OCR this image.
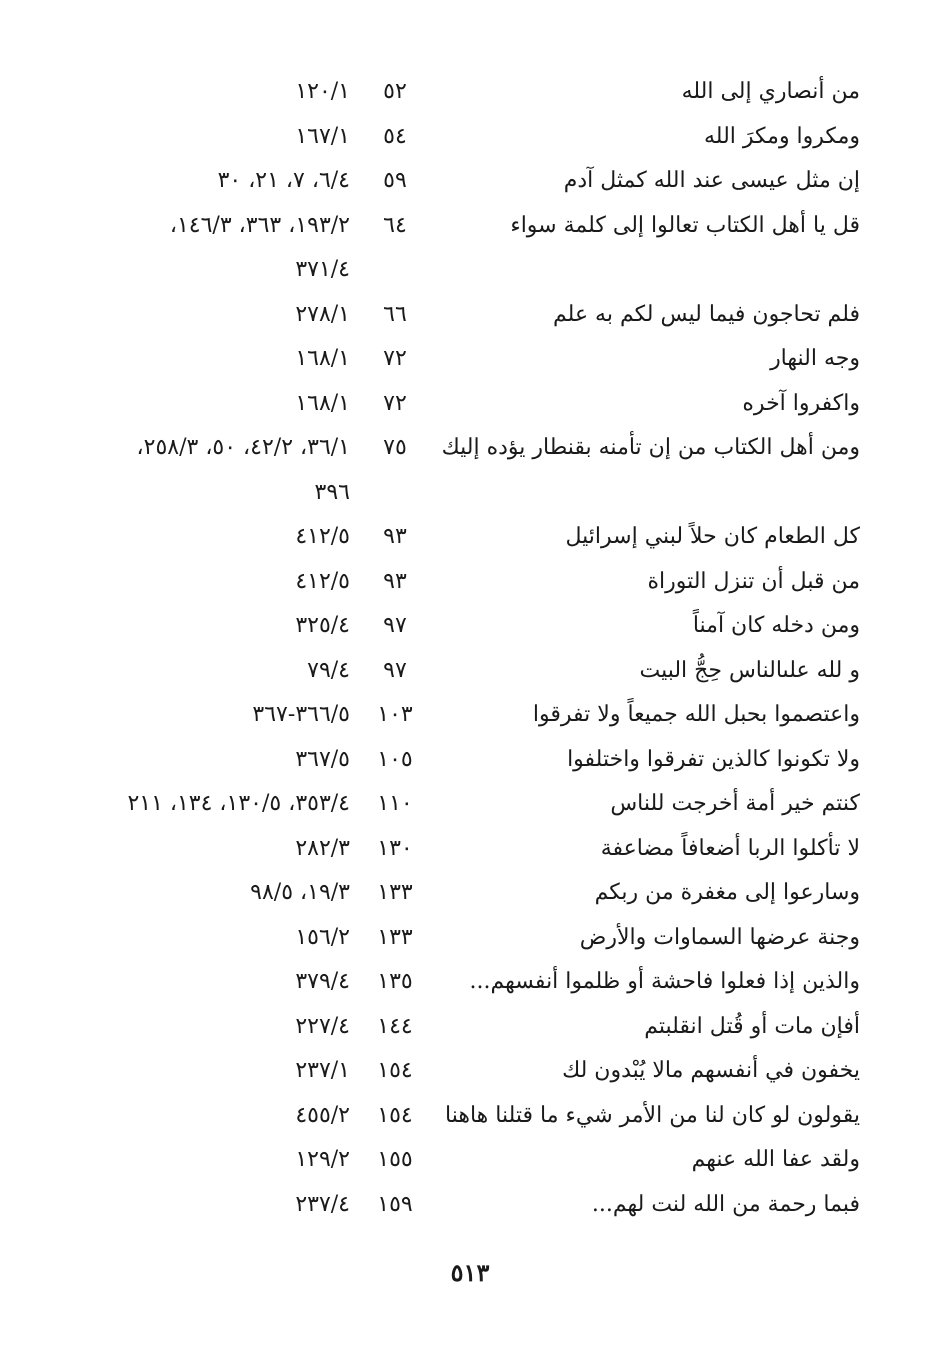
من أنصاري إلى الله
٥٢
١٢٠/١
ومكروا ومكرَ الله
٥٤
١٦٧/١
إن مثل عيسى عند الله كمثل آدم
٥٩
٦/٤، ٧، ٢١، ٣٠
قل يا أهل الكتاب تعالوا إلى كلمة سواء
٦٤
١٩٣/٢، ٣٦٣، ١٤٦/٣،
٣٧١/٤
فلم تحاجون فيما ليس لكم به علم
٦٦
٢٧٨/١
وجه النهار
٧٢
١٦٨/١
واكفروا آخره
٧٢
١٦٨/١
ومن أهل الكتاب من إن تأمنه بقنطار يؤده إليك
٧٥
٣٦/١، ٤٢/٢، ٥٠، ٢٥٨/٣،
٣٩٦
كل الطعام كان حلاً لبني إسرائيل
٩٣
٤١٢/٥
من قبل أن تنزل التوراة
٩٣
٤١٢/٥
ومن دخله كان آمناً
٩٧
٣٢٥/٤
و لله علىالناس حِجُّ البيت
٩٧
٧٩/٤
واعتصموا بحبل الله جميعاً ولا تفرقوا
١٠٣
٣٦٦/٥-٣٦٧
ولا تكونوا كالذين تفرقوا واختلفوا
١٠٥
٣٦٧/٥
كنتم خير أمة أخرجت للناس
١١٠
٣٥٣/٤، ١٣٠/٥، ١٣٤، ٢١١
لا تأكلوا الربا أضعافاً مضاعفة
١٣٠
٢٨٢/٣
وسارعوا إلى مغفرة من ربكم
١٣٣
١٩/٣، ٩٨/٥
وجنة عرضها السماوات والأرض
١٣٣
١٥٦/٢
والذين إذا فعلوا فاحشة أو ظلموا أنفسهم...
١٣٥
٣٧٩/٤
أفإن مات أو قُتل انقلبتم
١٤٤
٢٢٧/٤
يخفون في أنفسهم مالا يُبْدون لك
١٥٤
٢٣٧/١
يقولون لو كان لنا من الأمر شيء ما قتلنا هاهنا
١٥٤
٤٥٥/٢
ولقد عفا الله عنهم
١٥٥
١٢٩/٢
فبما رحمة من الله لنت لهم...
١٥٩
٢٣٧/٤
٥١٣
